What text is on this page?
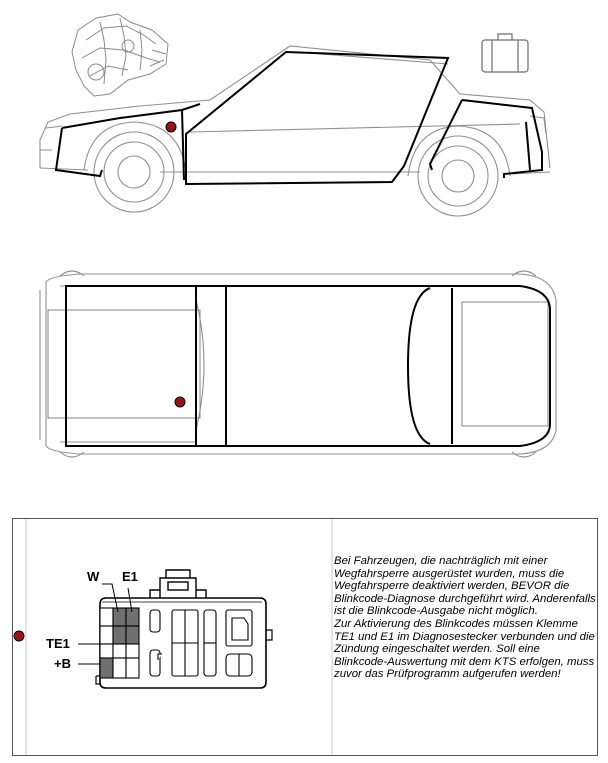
W E1
TE1
+B

Bei Fahrzeugen, die nachträglich mit einer Wegfahrsperre ausgerüstet wurden, muss die Wegfahrsperre deaktiviert werden, BEVOR die Blinkcode-Diagnose durchgeführt wird. Anderenfalls ist die Blinkcode-Ausgabe nicht möglich.

Zur Aktivierung des Blinkcodes müssen Klemme TE1 und E1 im Diagnosestecker verbunden und die Zündung eingeschaltet werden. Soll eine Blinkcode-Auswertung mit dem KTS erfolgen, muss zuvor das Prüfprogramm aufgerufen werden!
